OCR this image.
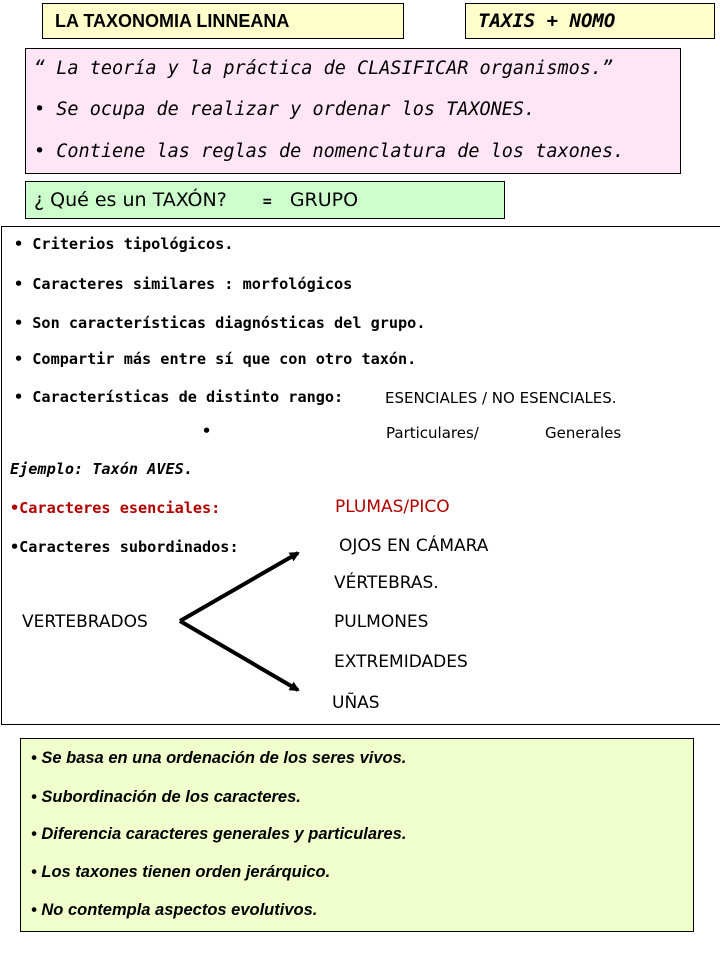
LA TAXONOMIA LINNEANA	TAXIS + NOMO
“ La teoría y la práctica de CLASIFICAR organismos.”
• Se ocupa de realizar y ordenar los TAXONES.
• Contiene las reglas de nomenclatura de los taxones.
¿ Qué es un TAXÓN? = GRUPO
• Criterios tipológicos.
• Caracteres similares : morfológicos
• Son características diagnósticas del grupo.
• Compartir más entre sí que con otro taxón.
• Características de distinto rango:	ESENCIALES / NO ESENCIALES.
•	Particulares/	Generales
Ejemplo: Taxón AVES.
•Caracteres esenciales:	PLUMAS/PICO
•Caracteres subordinados:	OJOS EN CÁMARA
VÉRTEBRAS.
VERTEBRADOS	PULMONES
EXTREMIDADES
UÑAS
• Se basa en una ordenación de los seres vivos.
• Subordinación de los caracteres.
• Diferencia caracteres generales y particulares.
• Los taxones tienen orden jerárquico.
• No contempla aspectos evolutivos.
